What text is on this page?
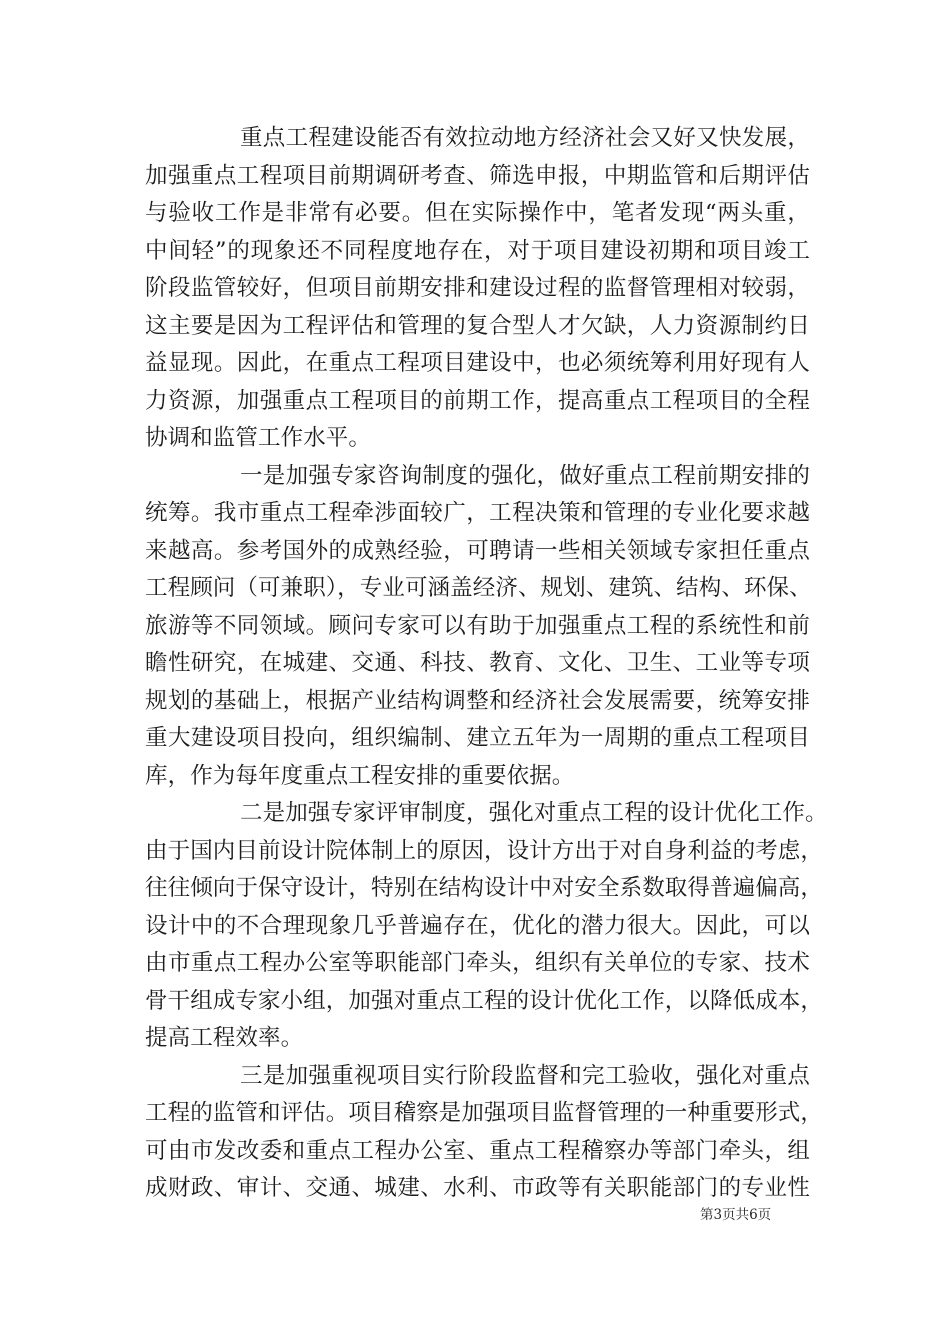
重点工程建设能否有效拉动地方经济社会又好又快发展，
加强重点工程项目前期调研考查、筛选申报，中期监管和后期评估
与验收工作是非常有必要。但在实际操作中，笔者发现“两头重，
中间轻”的现象还不同程度地存在，对于项目建设初期和项目竣工
阶段监管较好，但项目前期安排和建设过程的监督管理相对较弱，
这主要是因为工程评估和管理的复合型人才欠缺，人力资源制约日
益显现。因此，在重点工程项目建设中，也必须统筹利用好现有人
力资源，加强重点工程项目的前期工作，提高重点工程项目的全程
协调和监管工作水平。
一是加强专家咨询制度的强化，做好重点工程前期安排的
统筹。我市重点工程牵涉面较广，工程决策和管理的专业化要求越
来越高。参考国外的成熟经验，可聘请一些相关领域专家担任重点
工程顾问（可兼职），专业可涵盖经济、规划、建筑、结构、环保、
旅游等不同领域。顾问专家可以有助于加强重点工程的系统性和前
瞻性研究，在城建、交通、科技、教育、文化、卫生、工业等专项
规划的基础上，根据产业结构调整和经济社会发展需要，统筹安排
重大建设项目投向，组织编制、建立五年为一周期的重点工程项目
库，作为每年度重点工程安排的重要依据。
二是加强专家评审制度，强化对重点工程的设计优化工作。
由于国内目前设计院体制上的原因，设计方出于对自身利益的考虑，
往往倾向于保守设计，特别在结构设计中对安全系数取得普遍偏高，
设计中的不合理现象几乎普遍存在，优化的潜力很大。因此，可以
由市重点工程办公室等职能部门牵头，组织有关单位的专家、技术
骨干组成专家小组，加强对重点工程的设计优化工作，以降低成本，
提高工程效率。
三是加强重视项目实行阶段监督和完工验收，强化对重点
工程的监管和评估。项目稽察是加强项目监督管理的一种重要形式，
可由市发改委和重点工程办公室、重点工程稽察办等部门牵头，组
成财政、审计、交通、城建、水利、市政等有关职能部门的专业性
第3页共6页
